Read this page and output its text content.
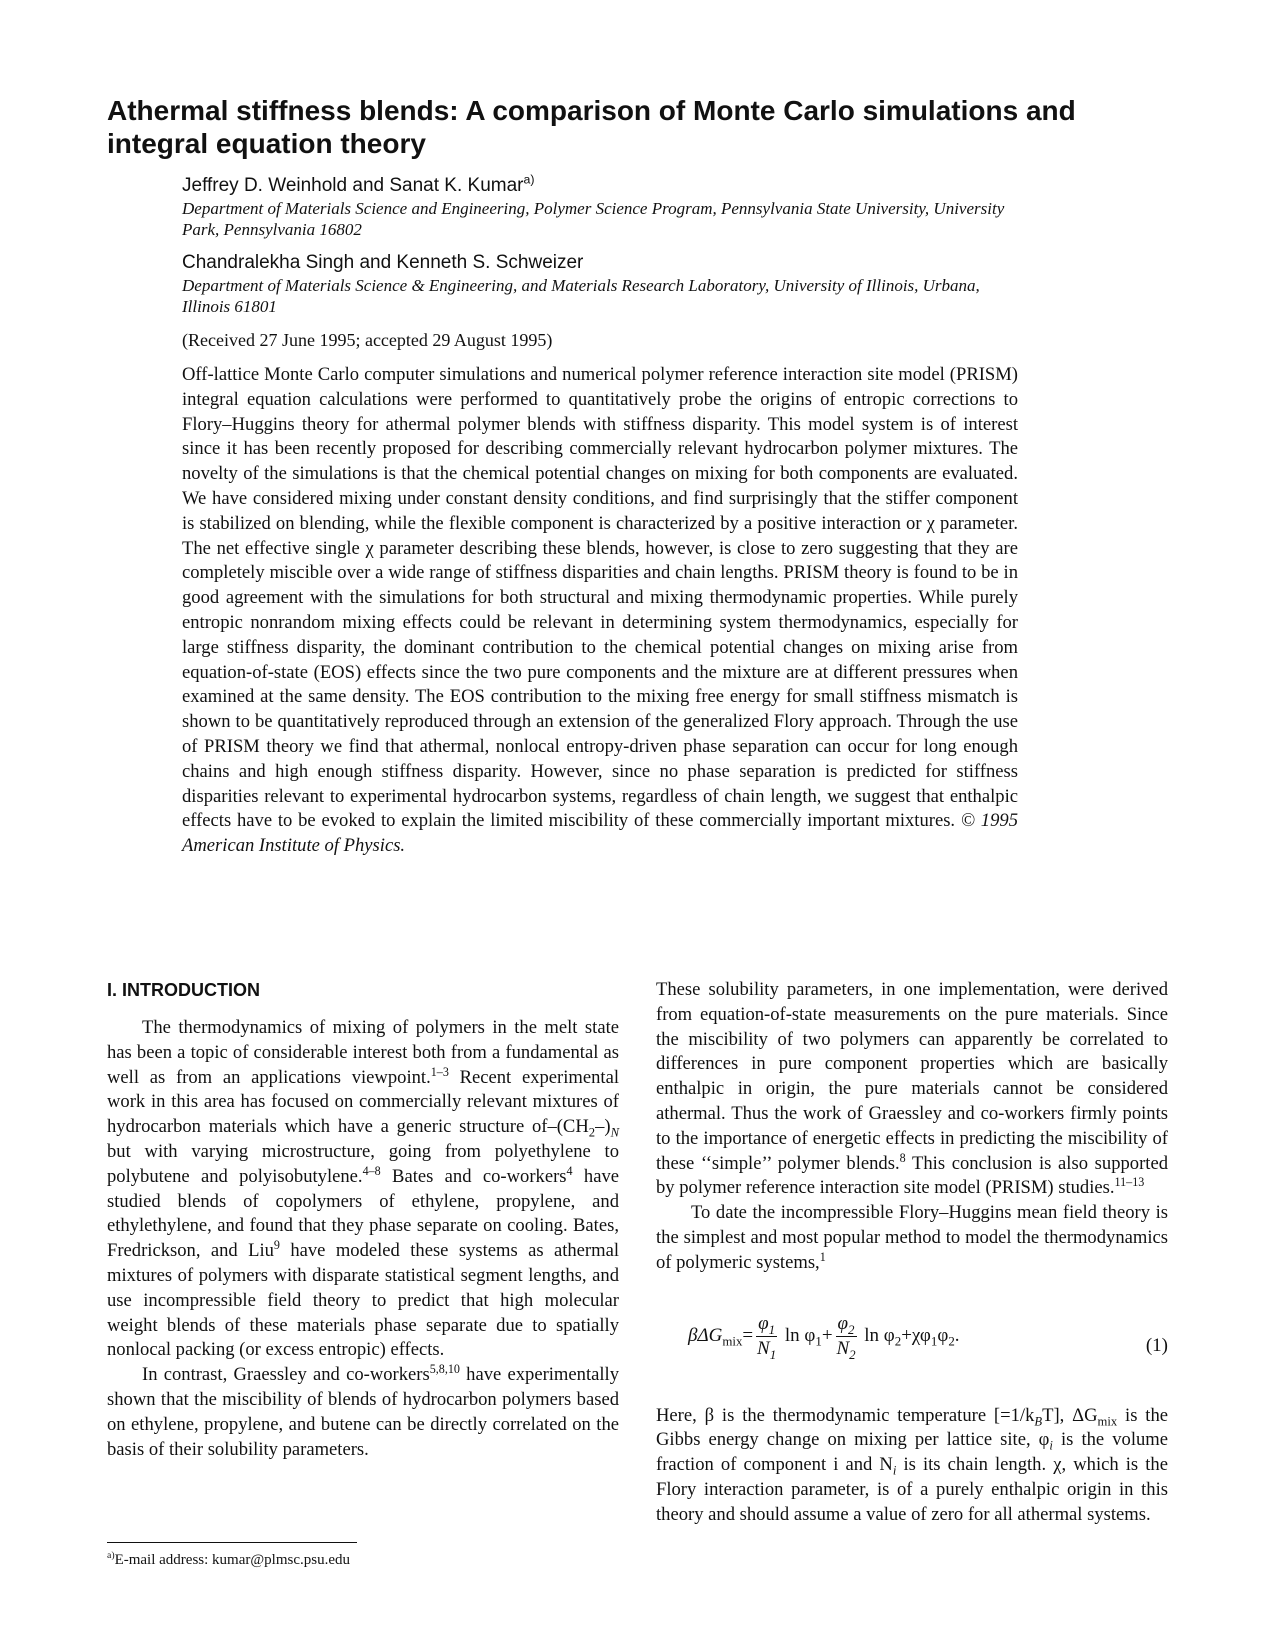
Athermal stiffness blends: A comparison of Monte Carlo simulations and integral equation theory

Jeffrey D. Weinhold and Sanat K. Kumar$^{a)}$

Department of Materials Science and Engineering, Polymer Science Program, Pennsylvania State University, University Park, Pennsylvania 16802

Chandralekha Singh and Kenneth S. Schweizer

Department of Materials Science & Engineering, and Materials Research Laboratory, University of Illinois, Urbana, Illinois 61801

(Received 27 June 1995; accepted 29 August 1995)

Off-lattice Monte Carlo computer simulations and numerical polymer reference interaction site model (PRISM) integral equation calculations were performed to quantitatively probe the origins of entropic corrections to Flory–Huggins theory for athermal polymer blends with stiffness disparity. This model system is of interest since it has been recently proposed for describing commercially relevant hydrocarbon polymer mixtures. The novelty of the simulations is that the chemical potential changes on mixing for both components are evaluated. We have considered mixing under constant density conditions, and find surprisingly that the stiffer component is stabilized on blending, while the flexible component is characterized by a positive interaction or χ parameter. The net effective single χ parameter describing these blends, however, is close to zero suggesting that they are completely miscible over a wide range of stiffness disparities and chain lengths. PRISM theory is found to be in good agreement with the simulations for both structural and mixing thermodynamic properties. While purely entropic nonrandom mixing effects could be relevant in determining system thermodynamics, especially for large stiffness disparity, the dominant contribution to the chemical potential changes on mixing arise from equation-of-state (EOS) effects since the two pure components and the mixture are at different pressures when examined at the same density. The EOS contribution to the mixing free energy for small stiffness mismatch is shown to be quantitatively reproduced through an extension of the generalized Flory approach. Through the use of PRISM theory we find that athermal, nonlocal entropy-driven phase separation can occur for long enough chains and high enough stiffness disparity. However, since no phase separation is predicted for stiffness disparities relevant to experimental hydrocarbon systems, regardless of chain length, we suggest that enthalpic effects have to be evoked to explain the limited miscibility of these commercially important mixtures. © 1995 American Institute of Physics.

I. INTRODUCTION

The thermodynamics of mixing of polymers in the melt state has been a topic of considerable interest both from a fundamental as well as from an applications viewpoint.$^{1-3}$ Recent experimental work in this area has focused on commercially relevant mixtures of hydrocarbon materials which have a generic structure $of-(CH_2-)_N$ but with varying microstructure, going from polyethylene to polybutene and polyisobutylene.$^{4-8}$ Bates and co-workers$^4$ have studied blends of copolymers of ethylene, propylene, and ethylethylene, and found that they phase separate on cooling. Bates, Fredrickson, and Liu$^9$ have modeled these systems as athermal mixtures of polymers with disparate statistical segment lengths, and use incompressible field theory to predict that high molecular weight blends of these materials phase separate due to spatially nonlocal packing (or excess entropic) effects.

In contrast, Graessley and co-workers$^{5,8,10}$ have experimentally shown that the miscibility of blends of hydrocarbon polymers based on ethylene, propylene, and butene can be directly correlated on the basis of their solubility parameters.

These solubility parameters, in one implementation, were derived from equation-of-state measurements on the pure materials. Since the miscibility of two polymers can apparently be correlated to differences in pure component properties which are basically enthalpic in origin, the pure materials cannot be considered athermal. Thus the work of Graessley and co-workers firmly points to the importance of energetic effects in predicting the miscibility of these ‘‘simple’’ polymer blends.$^8$ This conclusion is also supported by polymer reference interaction site model (PRISM) studies.$^{11-13}$

To date the incompressible Flory–Huggins mean field theory is the simplest and most popular method to model the thermodynamics of polymeric systems,$^1$

$\beta\Delta G_{mix}= \frac{\varphi_1}{N_1}$ $\ln \varphi_1+ \frac{\varphi_2}{N_2}$ $\ln \varphi_2+\chi\varphi_1\varphi_2$.	(1)

Here, β is the thermodynamic temperature $[=1/k_BT]$, $\Delta G_{mix}$ is the Gibbs energy change on mixing per lattice site, $\varphi_i$ is the volume fraction of component i and $N_i$ is its chain length. χ, which is the Flory interaction parameter, is of a purely enthalpic origin in this theory and should assume a value of zero for all athermal systems.

$^{a)}$E-mail address: kumar@plmsc.psu.edu
